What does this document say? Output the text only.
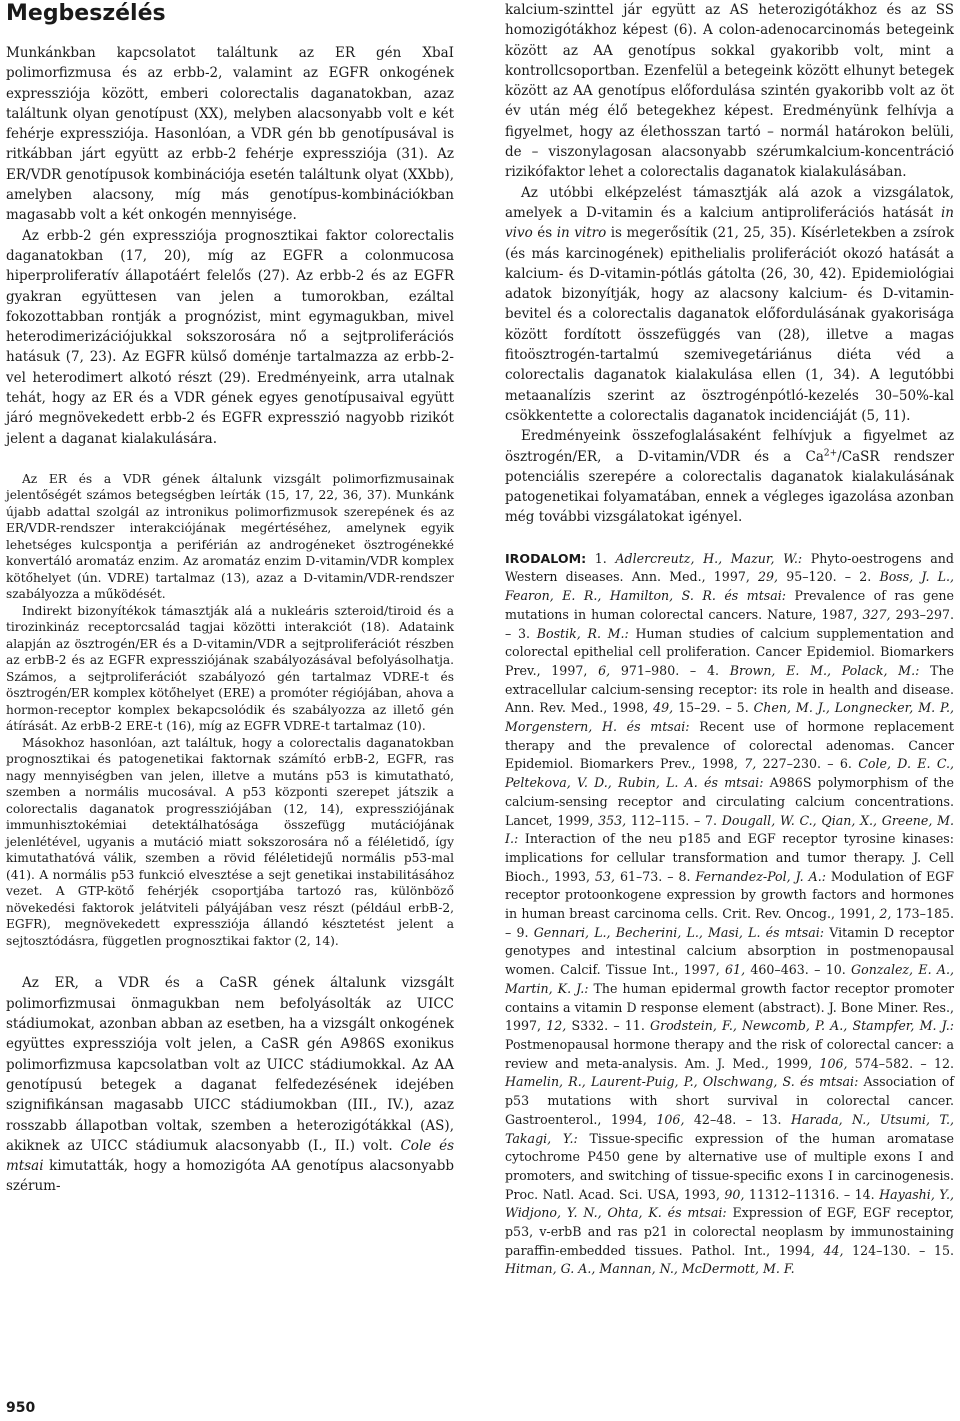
Megbeszélés

Munkánkban kapcsolatot találtunk az ER gén XbaI polimorfizmusa és az erbb-2, valamint az EGFR onkogének expressziója között, emberi colorectalis daganatokban, azaz találtunk olyan genotípust (XX), melyben alacsonyabb volt e két fehérje expressziója. Hasonlóan, a VDR gén bb genotípusával is ritkábban járt együtt az erbb-2 fehérje expressziója (31). Az ER/VDR genotípusok kombinációja esetén találtunk olyat (XXbb), amelyben alacsony, míg más genotípus-kombinációkban magasabb volt a két onkogén mennyisége.

Az erbb-2 gén expressziója prognosztikai faktor colorectalis daganatokban (17, 20), míg az EGFR a colonmucosa hiperproliferatív állapotáért felelős (27). Az erbb-2 és az EGFR gyakran együttesen van jelen a tumorokban, ezáltal fokozottabban rontják a prognózist, mint egymagukban, mivel heterodimerizációjukkal sokszorosára nő a sejtproliferációs hatásuk (7, 23). Az EGFR külső doménje tartalmazza az erbb-2-vel heterodimert alkotó részt (29). Eredményeink, arra utalnak tehát, hogy az ER és a VDR gének egyes genotípusaival együtt járó megnövekedett erbb-2 és EGFR expresszió nagyobb rizikót jelent a daganat kialakulására.

Az ER és a VDR gének általunk vizsgált polimorfizmusainak jelentőségét számos betegségben leírták (15, 17, 22, 36, 37). Munkánk újabb adattal szolgál az intronikus polimorfizmusok szerepének és az ER/VDR-rendszer interakciójának megértéséhez, amelynek egyik lehetséges kulcspontja a periférián az androgéneket ösztrogénekké konvertáló aromatáz enzim. Az aromatáz enzim D-vitamin/VDR komplex kötőhelyet (ún. VDRE) tartalmaz (13), azaz a D-vitamin/VDR-rendszer szabályozza a működését.

Indirekt bizonyítékok támasztják alá a nukleáris szteroid/tiroid és a tirozinkináz receptorcsalád tagjai közötti interakciót (18). Adataink alapján az ösztrogén/ER és a D-vitamin/VDR a sejtproliferációt részben az erbB-2 és az EGFR expressziójának szabályozásával befolyásolhatja. Számos, a sejtproliferációt szabályozó gén tartalmaz VDRE-t és ösztrogén/ER komplex kötőhelyet (ERE) a promóter régiójában, ahova a hormon-receptor komplex bekapcsolódik és szabályozza az illető gén átírását. Az erbB-2 ERE-t (16), míg az EGFR VDRE-t tartalmaz (10).

Másokhoz hasonlóan, azt találtuk, hogy a colorectalis daganatokban prognosztikai és patogenetikai faktornak számító erbB-2, EGFR, ras nagy mennyiségben van jelen, illetve a mutáns p53 is kimutatható, szemben a normális mucosával. A p53 központi szerepet játszik a colorectalis daganatok progressziójában (12, 14), expressziójának immunhisztokémiai detektálhatósága összefügg mutációjának jelenlétével, ugyanis a mutáció miatt sokszorosára nő a féléletidő, így kimutathatóvá válik, szemben a rövid féléletidejű normális p53-mal (41). A normális p53 funkció elvesztése a sejt genetikai instabilitásához vezet. A GTP-kötő fehérjék csoportjába tartozó ras, különböző növekedési faktorok jelátviteli pályájában vesz részt (például erbB-2, EGFR), megnövekedett expressziója állandó késztetést jelent a sejtosztódásra, független prognosztikai faktor (2, 14).

Az ER, a VDR és a CaSR gének általunk vizsgált polimorfizmusai önmagukban nem befolyásolták az UICC stádiumokat, azonban abban az esetben, ha a vizsgált onkogének együttes expressziója volt jelen, a CaSR gén A986S exonikus polimorfizmusa kapcsolatban volt az UICC stádiumokkal. Az AA genotípusú betegek a daganat felfedezésének idejében szignifikánsan magasabb UICC stádiumokban (III., IV.), azaz rosszabb állapotban voltak, szemben a heterozigótákkal (AS), akiknek az UICC stádiumuk alacsonyabb (I., II.) volt. Cole és mtsai kimutatták, hogy a homozigóta AA genotípus alacsonyabb szérum-

kalcium-szinttel jár együtt az AS heterozigótákhoz és az SS homozigótákhoz képest (6). A colon-adenocarcinomás betegeink között az AA genotípus sokkal gyakoribb volt, mint a kontrollcsoportban. Ezenfelül a betegeink között elhunyt betegek között az AA genotípus előfordulása szintén gyakoribb volt az öt év után még élő betegekhez képest. Eredményünk felhívja a figyelmet, hogy az élethosszan tartó – normál határokon belüli, de – viszonylagosan alacsonyabb szérumkalcium-koncentráció rizikófaktor lehet a colorectalis daganatok kialakulásában.

Az utóbbi elképzelést támasztják alá azok a vizsgálatok, amelyek a D-vitamin és a kalcium antiproliferációs hatását in vivo és in vitro is megerősítik (21, 25, 35). Kísérletekben a zsírok (és más karcinogének) epithelialis proliferációt okozó hatását a kalcium- és D-vitamin-pótlás gátolta (26, 30, 42). Epidemiológiai adatok bizonyítják, hogy az alacsony kalcium- és D-vitamin-bevitel és a colorectalis daganatok előfordulásának gyakorisága között fordított összefüggés van (28), illetve a magas fitoösztrogén-tartalmú szemivegetáriánus diéta véd a colorectalis daganatok kialakulása ellen (1, 34). A legutóbbi metaanalízis szerint az ösztrogénpótló-kezelés 30–50%-kal csökkentette a colorectalis daganatok incidenciáját (5, 11).

Eredményeink összefoglalásaként felhívjuk a figyelmet az ösztrogén/ER, a D-vitamin/VDR és a $Ca^{2+}$/CaSR rendszer potenciális szerepére a colorectalis daganatok kialakulásának patogenetikai folyamatában, ennek a végleges igazolása azonban még további vizsgálatokat igényel.

IRODALOM: 1. Adlercreutz, H., Mazur, W.: Phyto-oestrogens and Western diseases. Ann. Med., 1997, 29, 95–120. – 2. Boss, J. L., Fearon, E. R., Hamilton, S. R. és mtsai: Prevalence of ras gene mutations in human colorectal cancers. Nature, 1987, 327, 293–297. – 3. Bostik, R. M.: Human studies of calcium supplementation and colorectal epithelial cell proliferation. Cancer Epidemiol. Biomarkers Prev., 1997, 6, 971–980. – 4. Brown, E. M., Polack, M.: The extracellular calcium-sensing receptor: its role in health and disease. Ann. Rev. Med., 1998, 49, 15–29. – 5. Chen, M. J., Longnecker, M. P., Morgenstern, H. és mtsai: Recent use of hormone replacement therapy and the prevalence of colorectal adenomas. Cancer Epidemiol. Biomarkers Prev., 1998, 7, 227–230. – 6. Cole, D. E. C., Peltekova, V. D., Rubin, L. A. és mtsai: A986S polymorphism of the calcium-sensing receptor and circulating calcium concentrations. Lancet, 1999, 353, 112–115. – 7. Dougall, W. C., Qian, X., Greene, M. I.: Interaction of the neu p185 and EGF receptor tyrosine kinases: implications for cellular transformation and tumor therapy. J. Cell Bioch., 1993, 53, 61–73. – 8. Fernandez-Pol, J. A.: Modulation of EGF receptor protoonkogene expression by growth factors and hormones in human breast carcinoma cells. Crit. Rev. Oncog., 1991, 2, 173–185. – 9. Gennari, L., Becherini, L., Masi, L. és mtsai: Vitamin D receptor genotypes and intestinal calcium absorption in postmenopausal women. Calcif. Tissue Int., 1997, 61, 460–463. – 10. Gonzalez, E. A., Martin, K. J.: The human epidermal growth factor receptor promoter contains a vitamin D response element (abstract). J. Bone Miner. Res., 1997, 12, S332. – 11. Grodstein, F., Newcomb, P. A., Stampfer, M. J.: Postmenopausal hormone therapy and the risk of colorectal cancer: a review and meta-analysis. Am. J. Med., 1999, 106, 574–582. – 12. Hamelin, R., Laurent-Puig, P., Olschwang, S. és mtsai: Association of p53 mutations with short survival in colorectal cancer. Gastroenterol., 1994, 106, 42–48. – 13. Harada, N., Utsumi, T., Takagi, Y.: Tissue-specific expression of the human aromatase cytochrome P450 gene by alternative use of multiple exons I and promoters, and switching of tissue-specific exons I in carcinogenesis. Proc. Natl. Acad. Sci. USA, 1993, 90, 11312–11316. – 14. Hayashi, Y., Widjono, Y. N., Ohta, K. és mtsai: Expression of EGF, EGF receptor, p53, v-erbB and ras p21 in colorectal neoplasm by immunostaining paraffin-embedded tissues. Pathol. Int., 1994, 44, 124–130. – 15. Hitman, G. A., Mannan, N., McDermott, M. F.

950
